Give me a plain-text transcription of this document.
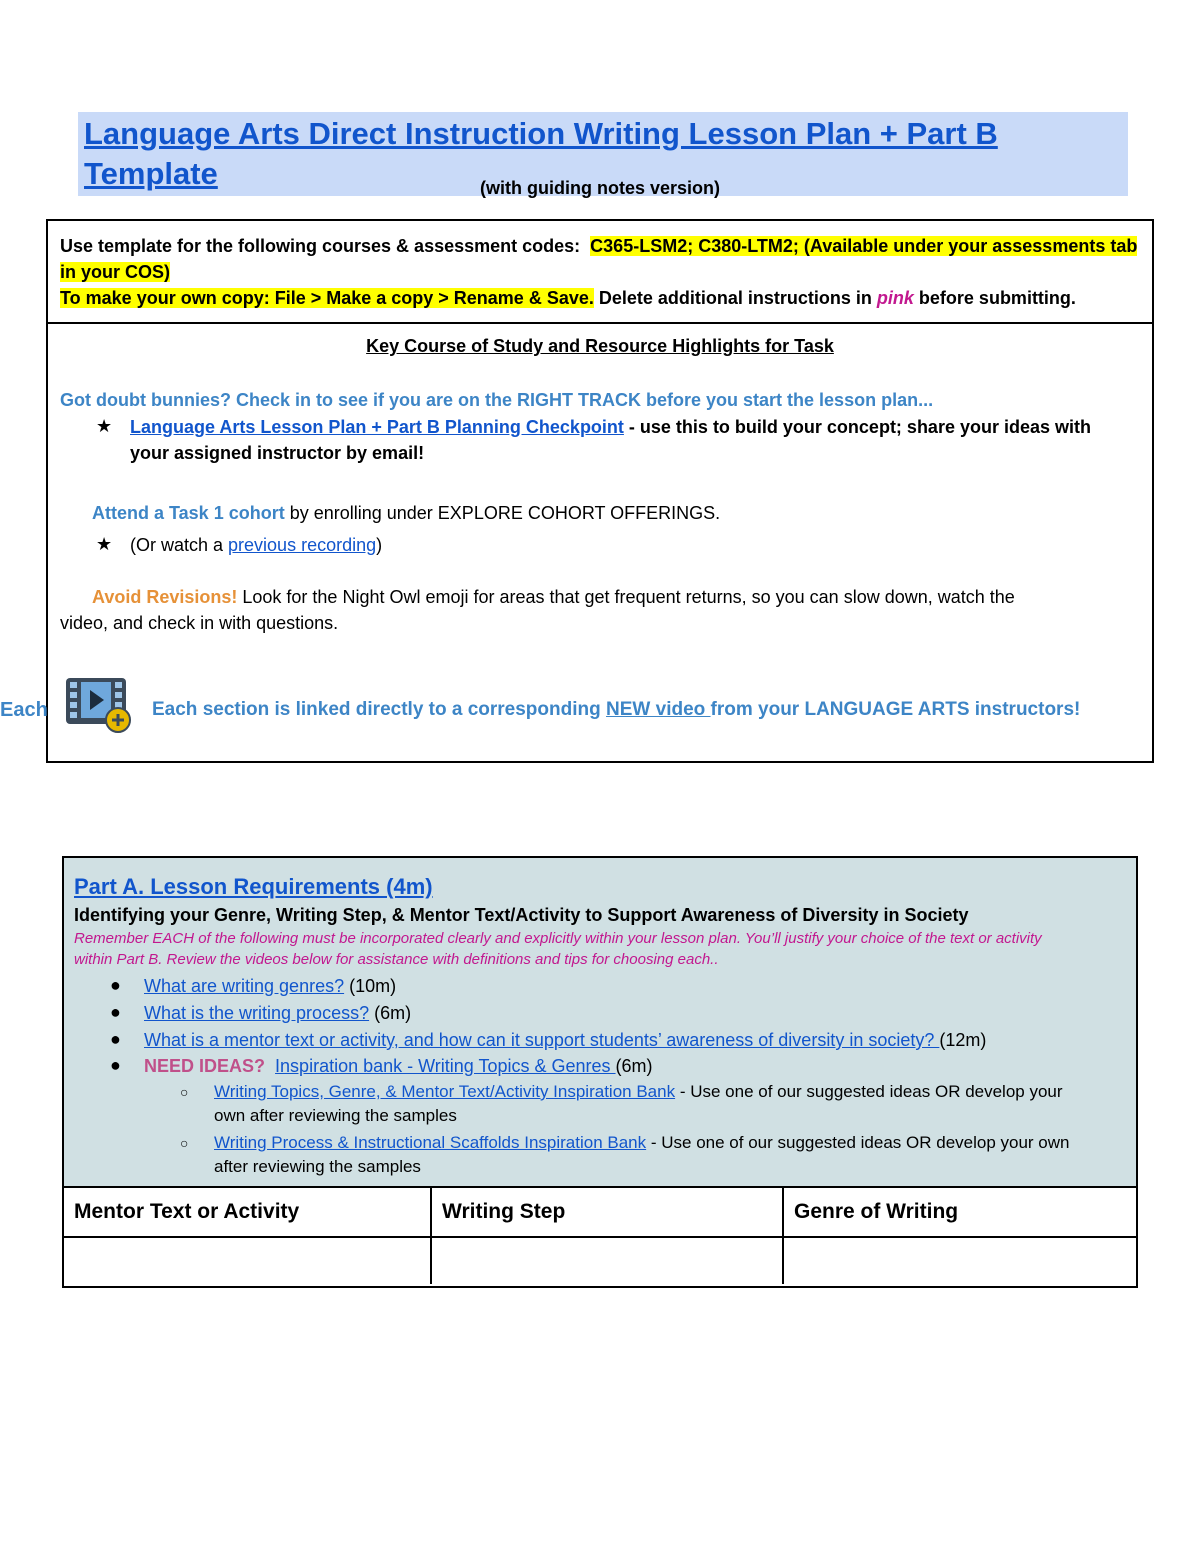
Language Arts Direct Instruction Writing Lesson Plan + Part B Template	(with guiding notes version)
Use template for the following courses & assessment codes: C365-LSM2; C380-LTM2; (Available under your assessments tab in your COS)
To make your own copy: File > Make a copy > Rename & Save. Delete additional instructions in pink before submitting.
Key Course of Study and Resource Highlights for Task
Got doubt bunnies? Check in to see if you are on the RIGHT TRACK before you start the lesson plan...
★ Language Arts Lesson Plan + Part B Planning Checkpoint - use this to build your concept; share your ideas with
your assigned instructor by email!
Attend a Task 1 cohort by enrolling under EXPLORE COHORT OFFERINGS.
★ (Or watch a previous recording)
Avoid Revisions! Look for the Night Owl emoji for areas that get frequent returns, so you can slow down, watch the
video, and check in with questions.
Each	Each section is linked directly to a corresponding NEW video from your LANGUAGE ARTS instructors!
Part A. Lesson Requirements (4m)
Identifying your Genre, Writing Step, & Mentor Text/Activity to Support Awareness of Diversity in Society
Remember EACH of the following must be incorporated clearly and explicitly within your lesson plan. You’ll justify your choice of the text or activity
within Part B. Review the videos below for assistance with definitions and tips for choosing each..
● What are writing genres? (10m)
● What is the writing process? (6m)
● What is a mentor text or activity, and how can it support students’ awareness of diversity in society? (12m)
● NEED IDEAS? Inspiration bank - Writing Topics & Genres (6m)
○ Writing Topics, Genre, & Mentor Text/Activity Inspiration Bank - Use one of our suggested ideas OR develop your
own after reviewing the samples
○ Writing Process & Instructional Scaffolds Inspiration Bank - Use one of our suggested ideas OR develop your own
after reviewing the samples
Mentor Text or Activity	Writing Step	Genre of Writing
